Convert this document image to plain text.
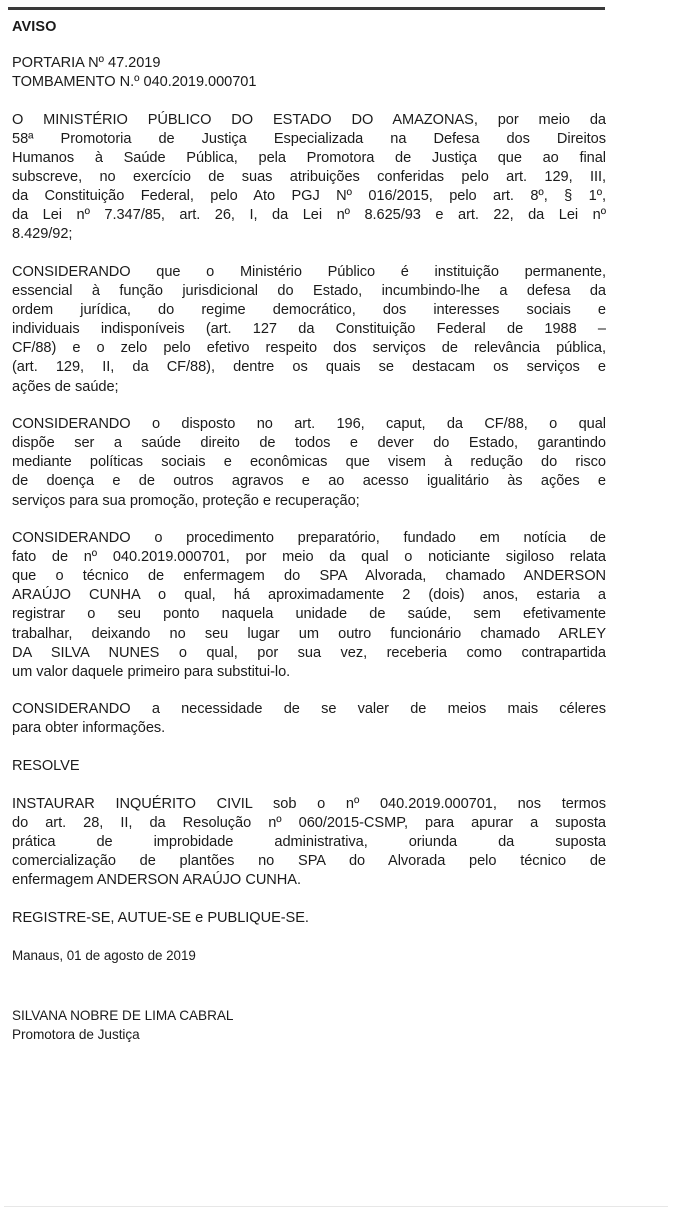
AVISO
PORTARIA Nº 47.2019
TOMBAMENTO N.º 040.2019.000701
O MINISTÉRIO PÚBLICO DO ESTADO DO AMAZONAS, por meio da
58ª Promotoria de Justiça Especializada na Defesa dos Direitos
Humanos à Saúde Pública, pela Promotora de Justiça que ao final
subscreve, no exercício de suas atribuições conferidas pelo art. 129, III,
da Constituição Federal, pelo Ato PGJ Nº 016/2015, pelo art. 8º, § 1º,
da Lei nº 7.347/85, art. 26, I, da Lei nº 8.625/93 e art. 22, da Lei nº
8.429/92;
CONSIDERANDO que o Ministério Público é instituição permanente,
essencial à função jurisdicional do Estado, incumbindo-lhe a defesa da
ordem jurídica, do regime democrático, dos interesses sociais e
individuais indisponíveis (art. 127 da Constituição Federal de 1988 –
CF/88) e o zelo pelo efetivo respeito dos serviços de relevância pública,
(art. 129, II, da CF/88), dentre os quais se destacam os serviços e
ações de saúde;
CONSIDERANDO o disposto no art. 196, caput, da CF/88, o qual
dispõe ser a saúde direito de todos e dever do Estado, garantindo
mediante políticas sociais e econômicas que visem à redução do risco
de doença e de outros agravos e ao acesso igualitário às ações e
serviços para sua promoção, proteção e recuperação;
CONSIDERANDO o procedimento preparatório, fundado em notícia de
fato de nº 040.2019.000701, por meio da qual o noticiante sigiloso relata
que o técnico de enfermagem do SPA Alvorada, chamado ANDERSON
ARAÚJO CUNHA o qual, há aproximadamente 2 (dois) anos, estaria a
registrar o seu ponto naquela unidade de saúde, sem efetivamente
trabalhar, deixando no seu lugar um outro funcionário chamado ARLEY
DA SILVA NUNES o qual, por sua vez, receberia como contrapartida
um valor daquele primeiro para substitui-lo.
CONSIDERANDO a necessidade de se valer de meios mais céleres
para obter informações.
RESOLVE
INSTAURAR INQUÉRITO CIVIL sob o nº 040.2019.000701, nos termos
do art. 28, II, da Resolução nº 060/2015-CSMP, para apurar a suposta
prática de improbidade administrativa, oriunda da suposta
comercialização de plantões no SPA do Alvorada pelo técnico de
enfermagem ANDERSON ARAÚJO CUNHA.
REGISTRE-SE, AUTUE-SE e PUBLIQUE-SE.
Manaus, 01 de agosto de 2019
SILVANA NOBRE DE LIMA CABRAL
Promotora de Justiça
